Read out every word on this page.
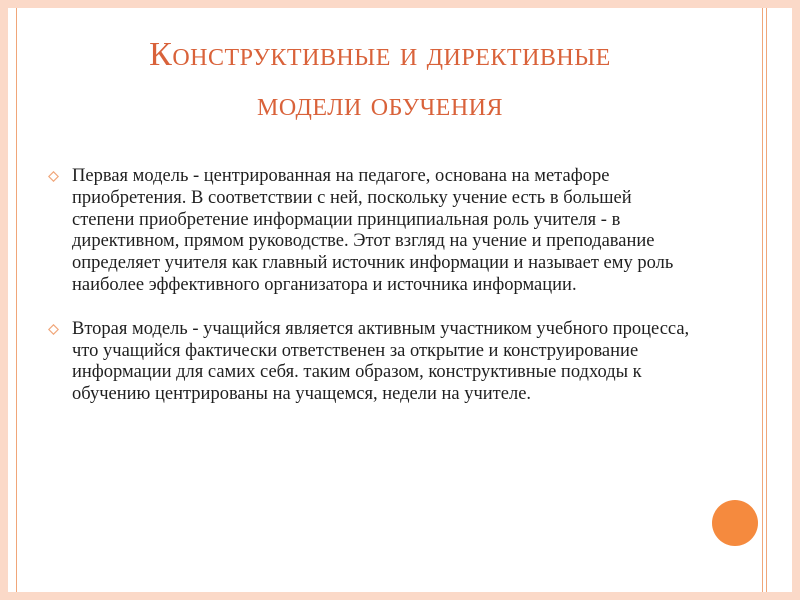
Конструктивные и директивные
модели обучения
Первая модель - центрированная на педагоге, основана на метафоре приобретения. В соответствии с ней, поскольку учение есть в большей степени приобретение информации принципиальная роль учителя - в директивном, прямом руководстве. Этот взгляд на учение и преподавание определяет учителя как главный источник информации и называет ему роль наиболее эффективного организатора и источника информации.
Вторая модель - учащийся является активным участником учебного процесса, что учащийся фактически ответственен за открытие и конструирование информации для самих себя. таким образом, конструктивные подходы к обучению центрированы на учащемся, недели на учителе.
